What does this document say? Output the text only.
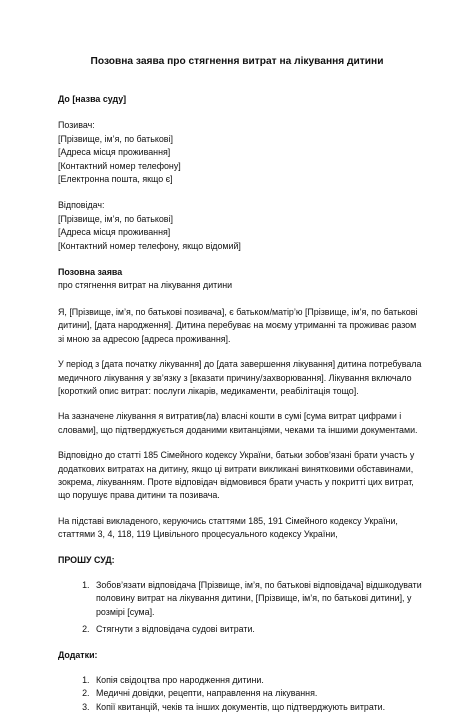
Позовна заява про стягнення витрат на лікування дитини
До [назва суду]
Позивач:
[Прізвище, ім’я, по батькові]
[Адреса місця проживання]
[Контактний номер телефону]
[Електронна пошта, якщо є]
Відповідач:
[Прізвище, ім’я, по батькові]
[Адреса місця проживання]
[Контактний номер телефону, якщо відомий]
Позовна заява
про стягнення витрат на лікування дитини
Я, [Прізвище, ім’я, по батькові позивача], є батьком/матір’ю [Прізвище, ім’я, по батькові
дитини], [дата народження]. Дитина перебуває на моєму утриманні та проживає разом
зі мною за адресою [адреса проживання].
У період з [дата початку лікування] до [дата завершення лікування] дитина потребувала
медичного лікування у зв’язку з [вказати причину/захворювання]. Лікування включало
[короткий опис витрат: послуги лікарів, медикаменти, реабілітація тощо].
На зазначене лікування я витратив(ла) власні кошти в сумі [сума витрат цифрами і
словами], що підтверджується доданими квитанціями, чеками та іншими документами.
Відповідно до статті 185 Сімейного кодексу України, батьки зобов’язані брати участь у
додаткових витратах на дитину, якщо ці витрати викликані винятковими обставинами,
зокрема, лікуванням. Проте відповідач відмовився брати участь у покритті цих витрат,
що порушує права дитини та позивача.
На підставі викладеного, керуючись статтями 185, 191 Сімейного кодексу України,
статтями 3, 4, 118, 119 Цивільного процесуального кодексу України,
ПРОШУ СУД:
1. Зобов’язати відповідача [Прізвище, ім’я, по батькові відповідача] відшкодувати
половину витрат на лікування дитини, [Прізвище, ім’я, по батькові дитини], у
розмірі [сума].
2. Стягнути з відповідача судові витрати.
Додатки:
1. Копія свідоцтва про народження дитини.
2. Медичні довідки, рецепти, направлення на лікування.
3. Копії квитанцій, чеків та інших документів, що підтверджують витрати.
